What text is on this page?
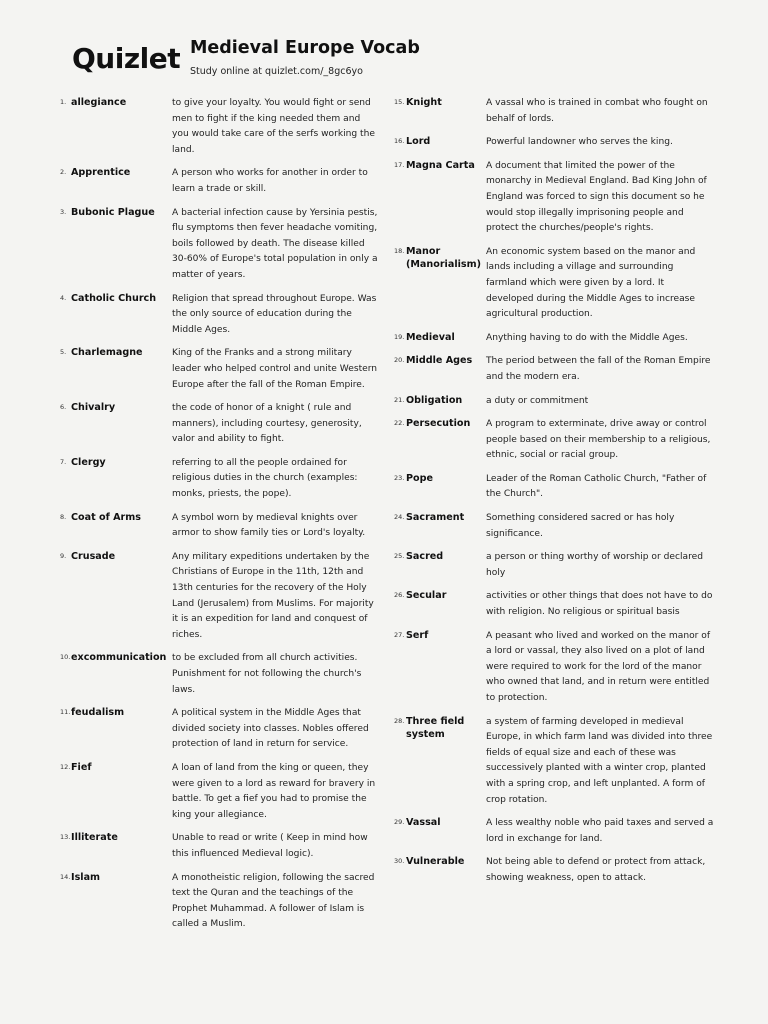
Quizlet Medieval Europe Vocab
Study online at quizlet.com/_8gc6yo
1. allegiance	to give your loyalty. You would fight or send men to fight if the king needed them and you would take care of the serfs working the land.
2. Apprentice	A person who works for another in order to learn a trade or skill.
3. Bubonic Plague	A bacterial infection cause by Yersinia pestis, flu symptoms then fever headache vomiting, boils followed by death. The disease killed 30-60% of Europe's total population in only a matter of years.
4. Catholic Church	Religion that spread throughout Europe. Was the only source of education during the Middle Ages.
5. Charlemagne	King of the Franks and a strong military leader who helped control and unite Western Europe after the fall of the Roman Empire.
6. Chivalry	the code of honor of a knight ( rule and manners), including courtesy, generosity, valor and ability to fight.
7. Clergy	referring to all the people ordained for religious duties in the church (examples: monks, priests, the pope).
8. Coat of Arms	A symbol worn by medieval knights over armor to show family ties or Lord's loyalty.
9. Crusade	Any military expeditions undertaken by the Christians of Europe in the 11th, 12th and 13th centuries for the recovery of the Holy Land (Jerusalem) from Muslims. For majority it is an expedition for land and conquest of riches.
10. excommunication to be excluded from all church activities. Punishment for not following the church's laws.
11. feudalism	A political system in the Middle Ages that divided society into classes. Nobles offered protection of land in return for service.
12. Fief	A loan of land from the king or queen, they were given to a lord as reward for bravery in battle. To get a fief you had to promise the king your allegiance.
13. Illiterate	Unable to read or write ( Keep in mind how this influenced Medieval logic).
14. Islam	A monotheistic religion, following the sacred text the Quran and the teachings of the Prophet Muhammad. A follower of Islam is called a Muslim.
15. Knight	A vassal who is trained in combat who fought on behalf of lords.
16. Lord	Powerful landowner who serves the king.
17. Magna Carta	A document that limited the power of the monarchy in Medieval England. Bad King John of England was forced to sign this document so he would stop illegally imprisoning people and protect the churches/people's rights.
18. Manor (Manorialism)
An economic system based on the manor and lands including a village and surrounding farmland which were given by a lord. It developed during the Middle Ages to increase agricultural production.
19. Medieval	Anything having to do with the Middle Ages.
20. Middle Ages	The period between the fall of the Roman Empire and the modern era.
21. Obligation	a duty or commitment
22. Persecution	A program to exterminate, drive away or control people based on their membership to a religious, ethnic, social or racial group.
23. Pope	Leader of the Roman Catholic Church, "Father of the Church".
24. Sacrament	Something considered sacred or has holy significance.
25. Sacred	a person or thing worthy of worship or declared holy
26. Secular	activities or other things that does not have to do with religion. No religious or spiritual basis
27. Serf	A peasant who lived and worked on the manor of a lord or vassal, they also lived on a plot of land were required to work for the lord of the manor who owned that land, and in return were entitled to protection.
28. Three field system
a system of farming developed in medieval Europe, in which farm land was divided into three fields of equal size and each of these was successively planted with a winter crop, planted with a spring crop, and left unplanted. A form of crop rotation.
29. Vassal	A less wealthy noble who paid taxes and served a lord in exchange for land.
30. Vulnerable	Not being able to defend or protect from attack, showing weakness, open to attack.
